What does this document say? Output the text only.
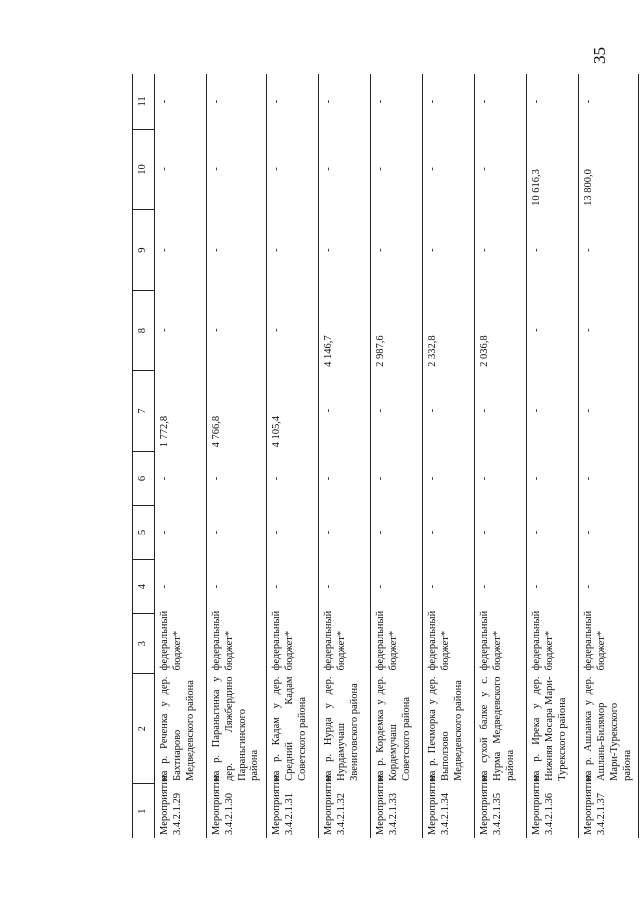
35
1	2	3	4	5	6	7	8	9	10	11
Мероприятие 3.4.2.1.29	на р. Реченка у дер. Бахтиарово Медведевского района	федеральный бюджет*	-	-	-	1 772,8	-	-	-	-
Мероприятие 3.4.2.1.30	на р. Параньгинка у дер. Ляжбердино Параньгинского района	федеральный бюджет*	-	-	-	4 766,8	-	-	-	-
Мероприятие 3.4.2.1.31	на р. Кадам у дер. Средний Кадам Советского района	федеральный бюджет*	-	-	-	4 105,4	-	-	-	-
Мероприятие 3.4.2.1.32	на р. Нурда у дер. Нурдамучаш Звениговского района	федеральный бюджет*	-	-	-	-	4 146,7	-	-	-
Мероприятие 3.4.2.1.33	на р. Кордемка у дер. Кордемучаш Советского района	федеральный бюджет*	-	-	-	-	2 987,6	-	-	-
Мероприятие 3.4.2.1.34	на р. Печморка у дер. Выползово Медведевского района	федеральный бюджет*	-	-	-	-	2 332,8	-	-	-
Мероприятие 3.4.2.1.35	на сухой балке у с. Нурма Медведевского района	федеральный бюджет*	-	-	-	-	2 036,8	-	-	-
Мероприятие 3.4.2.1.36	на р. Ирека у дер. Нижняя Мосара Мари-Турекского района	федеральный бюджет*	-	-	-	-	-	-	10 616,3	-
Мероприятие 3.4.2.1.37	на р. Ашланка у дер. Ашлань-Билямор Мари-Турекского района	федеральный бюджет*	-	-	-	-	-	-	13 800,0	-
